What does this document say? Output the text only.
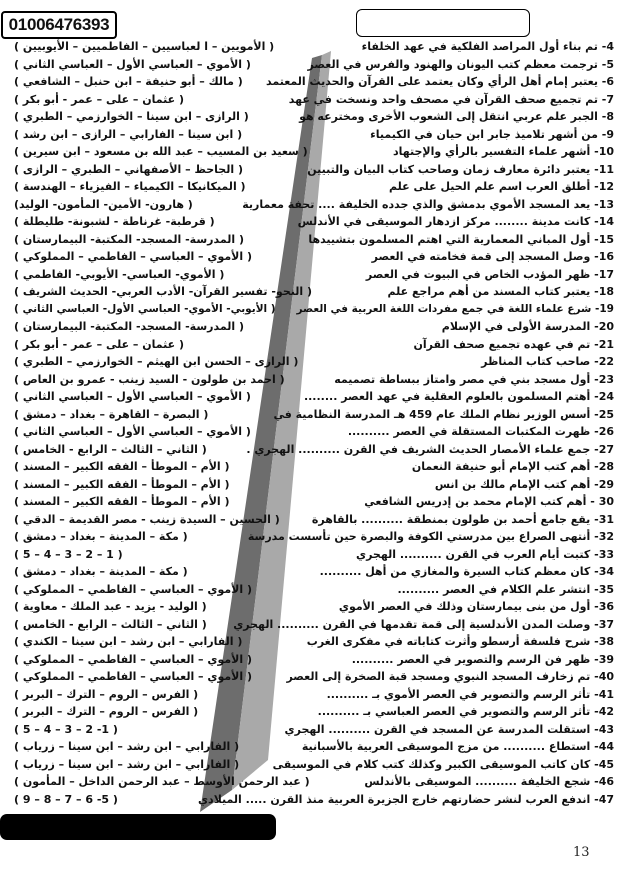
01006476393
4- تم بناء أول المراصد الفلكية في عهد الخلفاء
( الأمويين – ا لعباسيين – الفاطميين – الأيوبيين )
5- ترجمت معظم كتب اليونان والهنود والفرس في العصر
( الأموي – العباسي الأول – العباسي الثاني )
6- يعتبر إمام أهل الرأي وكان يعتمد على القرآن والحديث المعتمد
( مالك – أبو حنيفة – ابن حنبل – الشافعي )
7- تم تجميع صحف القرآن في مصحف واحد ونسخت في عهد
( عثمان – على – عمر - أبو بكر )
8- الجبر علم عربي انتقل إلى الشعوب الأخرى ومخترعه هو
( الرازى – ابن سينا – الخوارزمي – الطبري )
9- من أشهر تلاميذ جابر ابن حيان في الكيمياء
( ابن سينا – الفارابي – الرازى – ابن رشد )
10- أشهر علماء التفسير بالرأي والإجتهاد
( سعيد بن المسيب – عبد الله بن مسعود – ابن سيرين )
11- يعتبر دائرة معارف زمان وصاحب كتاب البيان والتبيين
( الجاحظ – الأصفهاني – الطبري – الرازى )
12- أطلق العرب اسم علم الحيل على علم
( الميكانيكا – الكيمياء – الفيزياء – الهندسة )
13- يعد المسجد الأموي بدمشق والذي جدده الخليفة .... تحفة معمارية
( هارون- الأمين- المأمون- الوليد)
14- كانت مدينة ........ مركز ازدهار الموسيقى في الأندلس
( قرطبة- غرناطة - لشبونة- طليطلة )
15- أول المباني المعمارية التي اهتم المسلمون بتشييدها
( المدرسة- المسجد- المكتبة- البيمارستان )
16- وصل المسجد إلى قمة فخامته في العصر
( الأموي – العباسي – الفاطمي – المملوكي )
17- ظهر المؤدب الخاص في البيوت في العصر
( الأموي- العباسي- الأيوبي- الفاطمي )
18- يعتبر كتاب المسند من أهم مراجع علم
( النحو- تفسير القرآن- الأدب العربي- الحديث الشريف )
19- شرع علماء اللغة في جمع مفردات اللغة العربية في العصر
( الأيوبي- الأموي- العباسي الأول- العباسي الثاني )
20- المدرسة الأولى في الإسلام
( المدرسة- المسجد- المكتبة- البيمارستان )
21- تم في عهده تجميع صحف القرآن
( عثمان – على – عمر - أبو بكر )
22- صاحب كتاب المناظر
( الرازى – الحسن ابن الهيثم – الخوارزمي – الطبري )
23- أول مسجد بني في مصر وامتاز ببساطة تصميمه
( احمد بن طولون - السيد زينب - عمرو بن العاص )
24- أهتم المسلمون بالعلوم العقلية في عهد العصر ........
( الأموي – العباسي الأول – العباسي الثاني )
25- أسس الوزير نظام الملك عام 459 هـ المدرسة النظامية في
( البصرة – القاهرة – بغداد – دمشق )
26- ظهرت المكتبات المستقلة في العصر ..........
( الأموي – العباسي الأول – العباسي الثاني )
27- جمع علماء الأمصار الحديث الشريف في القرن .......... الهجري .
( الثاني – الثالث – الرابع - الخامس )
28- أهم كتب الإمام أبو حنيفة النعمان
( الأم – الموطأ – الفقه الكبير – المسند )
29- أهم كتب الإمام مالك بن انس
( الأم – الموطأ – الفقه الكبير – المسند )
30 - أهم كتب الإمام محمد بن إدريس الشافعي
( الأم – الموطأ – الفقه الكبير – المسند )
31- يقع جامع أحمد بن طولون بمنطقة .......... بالقاهرة
( الحسين – السيدة زينب - مصر القديمة – الدقي )
32- أنتهى الصراع بين مدرستي الكوفة والبصرة حين تأسست مدرسة
( مكة – المدينة – بغداد – دمشق )
33- كتبت أيام العرب في القرن .......... الهجري
( 1 – 2 – 3 – 4 – 5 )
34- كان معظم كتاب السيرة والمغازي من أهل ..........
( مكة – المدينة – بغداد – دمشق )
35- انتشر علم الكلام في العصر ..........
( الأموي – العباسي – الفاطمي – المملوكي )
36- أول من بنى بيمارستان وذلك في العصر الأموي
( الوليد - يزيد - عبد الملك - معاوية )
37- وصلت المدن الأندلسية إلى قمة تقدمها في القرن .......... الهجري
( الثاني – الثالث – الرابع - الخامس )
38- شرح فلسفة أرسطو وأثرت كتاباته في مفكرى الغرب
( الفارابي – ابن رشد – ابن سينا – الكندي )
39- ظهر فن الرسم والتصوير في العصر ..........
( الأموي – العباسي – الفاطمي – المملوكي )
40- تم زخارف المسجد النبوي ومسجد قبة الصخرة إلى العصر
( الأموي – العباسي – الفاطمي – المملوكي )
41- تأثر الرسم والتصوير في العصر الأموي بـ ..........
( الفرس – الروم – الترك – البربر )
42- تأثر الرسم والتصوير في العصر العباسي بـ ..........
( الفرس – الروم – الترك – البربر )
43- استقلت المدرسة عن المسجد في القرن .......... الهجري
( 1- 2 – 3 – 4 – 5 )
44- استطاع .......... من مزج الموسيقى العربية بالأسبانية
( الفارابي – ابن رشد – ابن سينا – زرياب )
45- كان كاتب الموسيقى الكبير وكذلك كتب كلام في الموسيقى
( الفارابي – ابن رشد – ابن سينا – زرياب )
46- شجع الخليفة .......... الموسيقى بالأندلس
( عبد الرحمن الأوسط – عبد الرحمن الداخل – المأمون )
47- اندفع العرب لنشر حضارتهم خارج الجزيرة العربية منذ القرن ..... الميلادي
( 5- 6 – 7 – 8 – 9 )
13
